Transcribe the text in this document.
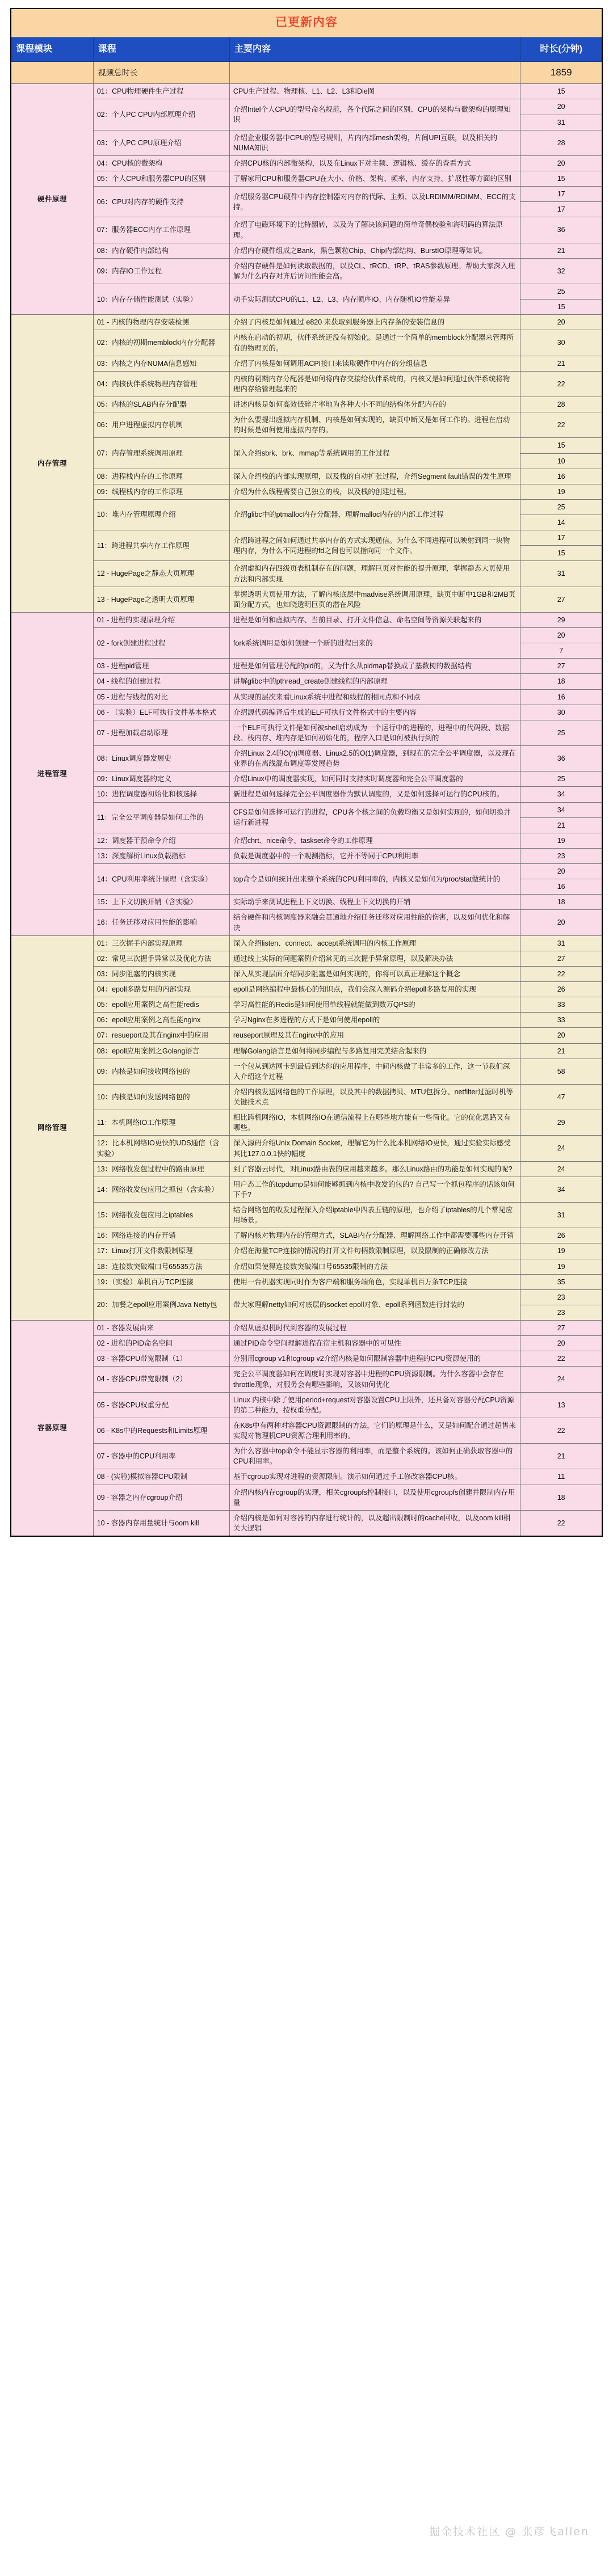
已更新内容			
课程模块	课程	主要内容	时长(分钟)
	视频总时长		1859
硬件原理	01：CPU物理硬件生产过程	CPU生产过程、物理核、L1、L2、L3和Die图	15
	02：个人PC CPU内部原理介绍	介绍Intel个人CPU的型号命名规范，各个代际之间的区别、CPU的架构与微架构的原理知识	20
			31
	03：个人PC CPU原理介绍	介绍企业服务器中CPU的型号规则，片内内部mesh架构，片间UPI互联，以及相关的NUMA知识	28
	04：CPU核的微架构	介绍CPU核的内部微架构，以及在Linux下对主频、逻辑核、缓存的查看方式	20
	05：个人CPU和服务器CPU的区别	了解家用CPU和服务器CPU在大小、价格、架构、频率、内存支持、扩展性等方面的区别	15
	06：CPU对内存的硬件支持	介绍服务器CPU硬件中内存控制器对内存的代际、主频、以及LRDIMM/RDIMM、ECC的支持。	17
			17
	07：服务器ECC内存工作原理	介绍了电磁环境下的比特翻转，以及为了解决该问题的简单奇偶校验和海明码的算法原理。	36
	08：内存硬件内部结构	介绍内存硬件组成之Bank，黑色颗粒Chip、Chip内部结构、BurstIO原理等知识。	21
	09：内存IO工作过程	介绍内存硬件是如何读取数据的，以及CL、tRCD、tRP、tRAS参数原理。帮助大家深入理解为什么内存对齐后访问性能会高。	32
	10：内存存储性能测试（实验）	动手实际测试CPU的L1、L2、L3、内存顺序IO、内存随机IO性能差异	25
			15
内存管理	01 - 内核的物理内存安装检测	介绍了内核是如何通过 e820 来获取到服务器上内存条的安装信息的	20
	02：内核的初期memblock内存分配器	内核在启动的初期，伙伴系统还没有初始化。是通过一个简单的memblock分配器来管理所有的物理页的。	30
	03：内核之内存NUMA信息感知	介绍了内核是如何调用ACPI接口来读取硬件中内存的分组信息	21
	04：内核伙伴系统物理内存管理	内核的初期内存分配器是如何将内存交接给伙伴系统的，内核又是如何通过伙伴系统将物理内存给管理起来的	22
	05：内核的SLAB内存分配器	讲述内核是如何高效低碎片率地为各种大小不同的结构体分配内存的	28
	06：用户进程虚拟内存机制	为什么要提出虚拟内存机制、内核是如何实现的，缺页中断又是如何工作的。进程在启动的时候是如何使用虚拟内存的。	22
	07：内存管理系统调用原理	深入介绍sbrk、brk、mmap等系统调用的工作过程	15
			10
	08：进程栈内存的工作原理	深入介绍栈的内部实现原理，以及栈的自动扩张过程，介绍Segment fault错误的发生原理	16
	09：线程栈内存的工作原理	介绍为什么线程需要自己独立的栈，以及栈的创建过程。	19
	10：堆内存管理原理介绍	介绍glibc中的ptmalloc内存分配器，理解malloc内存的内部工作过程	25
			14
	11：跨进程共享内存工作原理	介绍跨进程之间如何通过共享内存的方式实现通信。为什么不同进程可以映射到同一块物理内存，为什么不同进程的fd之间也可以指向同一个文件。	17
			15
	12 - HugePage之静态大页原理	介绍虚拟内存四级页表机制存在的问题，理解巨页对性能的提升原理，掌握静态大页使用方法和内部实现	31
	13 - HugePage之透明大页原理	掌握透明大页使用方法，了解内核底层中madvise系统调用原理，缺页中断中1GB和2MB页面分配方式，也知晓透明巨页的潜在风险	27
进程管理	01 - 进程的实现原理介绍	进程是如何和虚拟内存、当前目录、打开文件信息、命名空间等资源关联起来的	29
	02 - fork创建进程过程	fork系统调用是如何创建一个新的进程出来的	20
			7
	03 - 进程pid管理	进程是如何管理分配的pid的，又为什么从pidmap替换成了基数树的数据结构	27
	04 - 线程的创建过程	讲解glibc中的pthread_create创建线程的内部原理	18
	05 - 进程与线程的对比	从实现的层次来看Linux系统中进程和线程的相同点和不同点	16
	06 - （实验）ELF可执行文件基本格式	介绍源代码编译后生成的ELF可执行文件格式中的主要内容	30
	07 - 进程加载启动原理	一个ELF可执行文件是如何被shell启动成为一个运行中的进程的，进程中的代码段、数据段、栈内存、堆内存是如何初始化的，程序入口是如何被执行到的	25
	08：Linux调度器发展史	介绍Linux 2.4的O(n)调度器、Linux2.5的O(1)调度器，到现在的完全公平调度器，以及现在业界的在离线混布调度等发展趋势	36
	09：Linux调度器的定义	介绍Linux中的调度器实现，如何同时支持实时调度器和完全公平调度器的	25
	10：进程调度器初始化和核选择	新进程是如何选择完全公平调度器作为默认调度的，又是如何选择可运行的CPU核的。	34
	11：完全公平调度器是如何工作的	CFS是如何选择可运行的进程，CPU各个核之间的负载均衡又是如何实现的，如何切换并运行新进程	34
			21
	12：调度器干预命令介绍	介绍chrt、nice命令、taskset命令的工作原理	19
	13：深度解析Linux负载指标	负载是调度器中的一个观测指标，它并不等同于CPU利用率	23
	14：CPU利用率统计原理（含实验）	top命令是如何统计出来整个系统的CPU利用率的，内核又是如何为/proc/stat做统计的	20
			16
	15：上下文切换开销（含实验）	实际动手来测试进程上下文切换、线程上下文切换的开销	18
	16：任务迁移对应用性能的影响	结合硬件和内核调度器来融会贯通地介绍任务迁移对应用性能的伤害，以及如何优化和解决	20
网络管理	01：三次握手内部实现原理	深入介绍listen、connect、accept系统调用的内核工作原理	31
	02：常见三次握手异常以及优化方法	通过线上实际的问题案例介绍常见的三次握手异常原理，以及解决办法	27
	03：同步阻塞的内核实现	深入从实现层面介绍同步阻塞是如何实现的，你将可以真正理解这个概念	22
	04：epoll多路复用的内部实现	epoll是网络编程中最核心的知识点，我们会深入源码介绍epoll多路复用的实现	26
	05：epoll应用案例之高性能redis	学习高性能的Redis是如何使用单线程就能做到数万QPS的	33
	06：epoll应用案例之高性能nginx	学习Nginx在多进程的方式下是如何使用epoll的	33
	07：resueport及其在nginx中的应用	reuseport原理及其在nginx中的应用	20
	08：epoll应用案例之Golang语言	理解Golang语言是如何将同步编程与多路复用完美结合起来的	21
	09：内核是如何接收网络包的	一个包从到达网卡到最后到达你的应用程序，中间内核做了非常多的工作，这一节我们深入介绍这个过程	58
	10：内核是如何发送网络包的	介绍内核发送网络包的工作原理，以及其中的数据拷贝、MTU包拆分、netfilter过滤时机等关键技术点	47
	11：本机网络IO工作原理	相比跨机网络IO，本机网络IO在通信流程上在哪些地方能有一些简化。它的优化思路又有哪些。	29
	12：比本机网络IO更快的UDS通信（含实验）	深入源码介绍Unix Domain Socket，理解它为什么比本机网络IO更快，通过实验实际感受其比127.0.0.1快的幅度	24
	13：网络收发包过程中的路由原理	到了容器云时代，对Linux路由表的应用越来越多。那么Linux路由的功能是如何实现的呢?	24
	14：网络收发包应用之抓包（含实验）	用户态工作的tcpdump是如何能够抓到内核中收发的包的? 自己写一个抓包程序的话该如何下手?	34
	15：网络收发包应用之iptables	结合网络包的收发过程深入介绍iptable中四表五链的原理，也介绍了iptables的几个常见应用场景。	31
	16：网络连接的内存开销	了解内核对物理内存的管理方式，SLAB内存分配器、理解网络工作中都需要哪些内存开销	26
	17：Linux打开文件数限制原理	介绍在海量TCP连接的情况的打开文件句柄数限制原理，以及限制的正确修改方法	19
	18：连接数突破端口号65535方法	介绍如果使得连接数突破端口号65535限制的方法	19
	19：（实验）单机百万TCP连接	使用一台机器实现同时作为客户端和服务端角色，实现单机百万条TCP连接	35
	20：加餐之epoll应用案例Java Netty包	带大家理解netty如何对底层的socket epoll对象、epoll系列函数进行封装的	23
			23
容器原理	01 - 容器发展由来	介绍从虚拟机时代到容器的发展过程	27
	02 - 进程的PID命名空间	通过PID命令空间理解进程在宿主机和容器中的可见性	20
	03 - 容器CPU带宽限制（1）	分别用cgroup v1和cgroup v2介绍内核是如何限制容器中进程的CPU资源使用的	22
	04 - 容器CPU带宽限制（2）	完全公平调度器如何在调度时实现对容器中进程的CPU资源限制。为什么容器中会存在throttle现象，对服务会有哪些影响，又该如何优化	24
	05 - 容器CPU权重分配	Linux 内核中除了使用period+request对容器设置CPU上限外，还具备对容器分配CPU资源的第二种能力，按权重分配。	13
	06 - K8s中的Requests和Limits原理	在K8s中有两种对容器CPU资源限制的方法，它们的原理是什么，又是如何配合通过超售来实现对物理机CPU资源合理利用率的。	22
	07 - 容器中的CPU利用率	为什么容器中top命令不能显示容器的利用率，而是整个系统的。该如何正确获取容器中的CPU利用率。	21
	08 - (实验)模拟容器CPU限制	基于cgroup实现对进程的资源限制。演示如何通过手工修改容器CPU核。	11
	09 - 容器之内存cgroup介绍	介绍内核内存cgroup的实现，相关cgroupfs控制接口，以及使用cgroupfs创建并限制内存用量	18
	10 - 容器内存用量统计与oom kill	介绍内核是如何对容器的内存进行统计的，以及超出限制时的cache回收，以及oom kill相关大逻辑	22
掘金技术社区 @ 张彦飞allen
